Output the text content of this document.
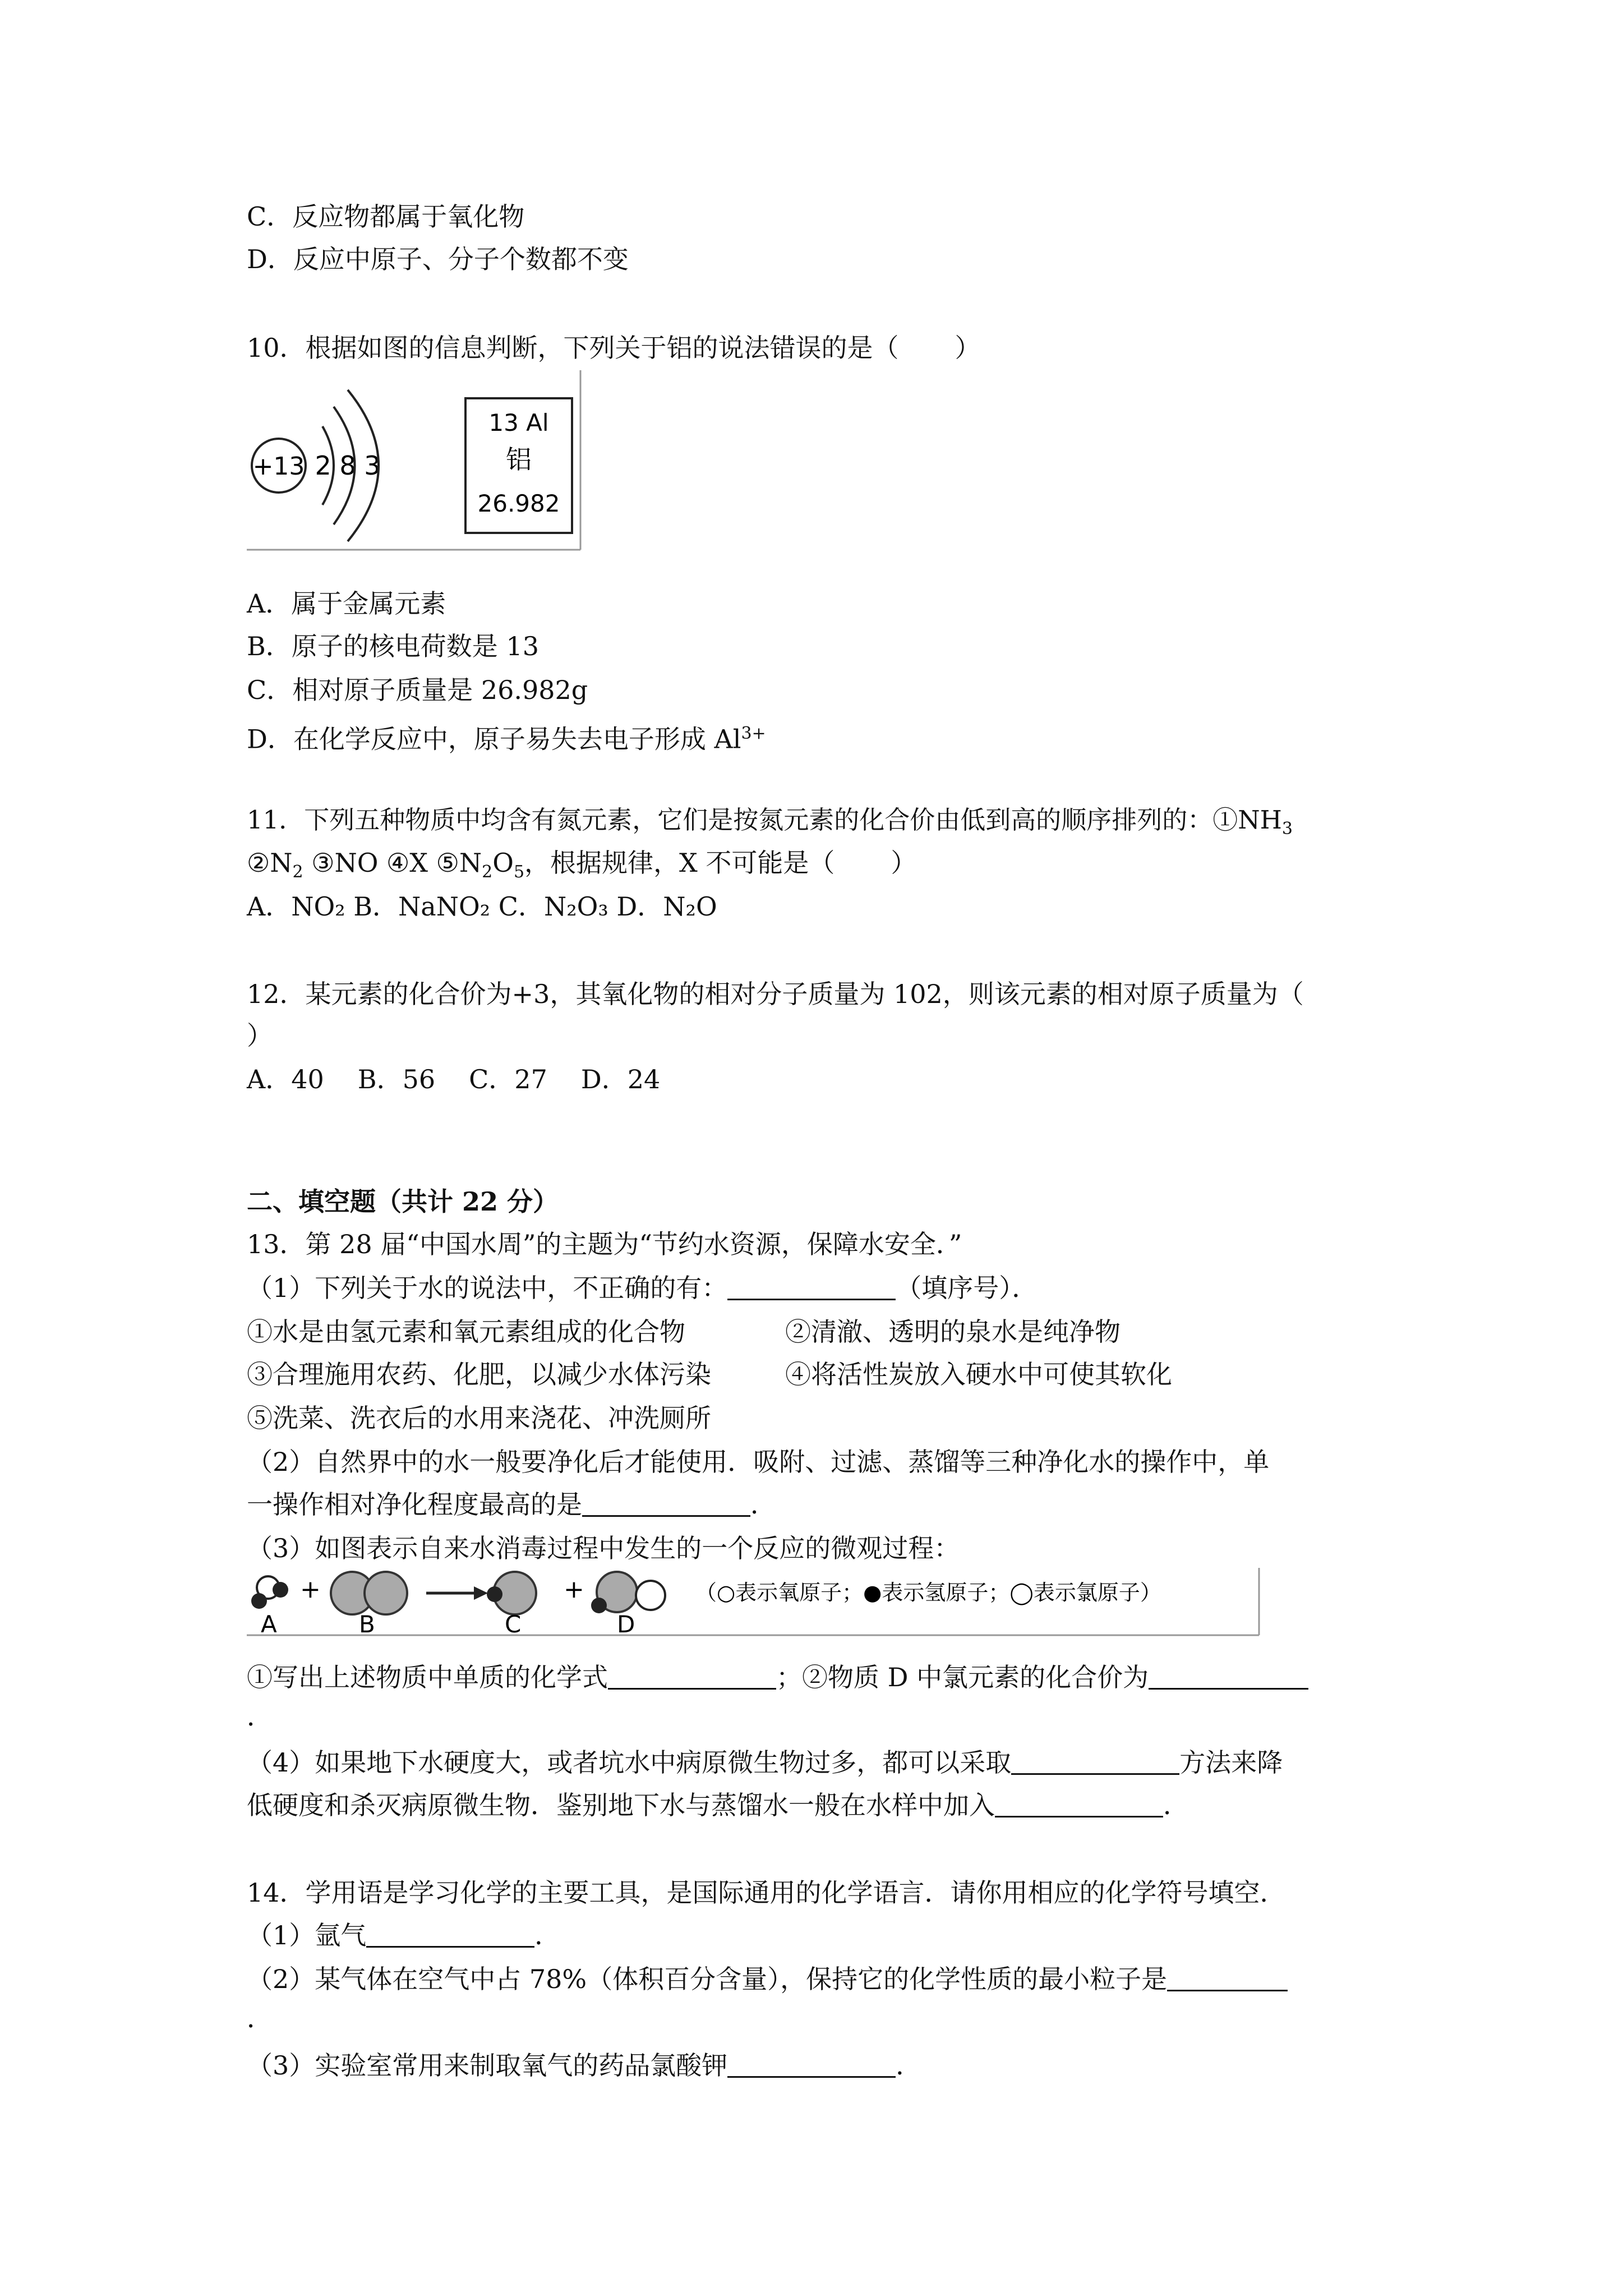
C．反应物都属于氧化物
D．反应中原子、分子个数都不变
10．根据如图的信息判断，下列关于铝的说法错误的是（ ）
+13 2 8 3
13 Al
铝
26.982
A．属于金属元素
B．原子的核电荷数是 13
C．相对原子质量是 26.982g
D．在化学反应中，原子易失去电子形成 $Al^{3+}$
11．下列五种物质中均含有氮元素，它们是按氮元素的化合价由低到高的顺序排列的：$①NH_3$
$②N_2$ ③NO ④X $⑤N_2O_5$，根据规律，X 不可能是（ ）
A．NO₂ B．NaNO₂ C．N₂O₃ D．N₂O
12．某元素的化合价为+3，其氧化物的相对分子质量为 102，则该元素的相对原子质量为（
）
A．40 B．56 C．27 D．24
二、填空题（共计 22 分）
13．第 28 届“中国水周”的主题为“节约水资源，保障水安全．”
（1）下列关于水的说法中，不正确的有：	（填序号）．
①水是由氢元素和氧元素组成的化合物	②清澈、透明的泉水是纯净物
③合理施用农药、化肥，以减少水体污染	④将活性炭放入硬水中可使其软化
⑤洗菜、洗衣后的水用来浇花、冲洗厕所
（2）自然界中的水一般要净化后才能使用．吸附、过滤、蒸馏等三种净化水的操作中，单
一操作相对净化程度最高的是	．
（3）如图表示自来水消毒过程中发生的一个反应的微观过程：
A
+
B	C
+
D
（○表示氧原子；●表示氢原子；◯表示氯原子）
①写出上述物质中单质的化学式	；②物质 D 中氯元素的化合价为
．
（4）如果地下水硬度大，或者坑水中病原微生物过多，都可以采取	方法来降
低硬度和杀灭病原微生物．鉴别地下水与蒸馏水一般在水样中加入	．
14．学用语是学习化学的主要工具，是国际通用的化学语言．请你用相应的化学符号填空．
（1）氩气	．
（2）某气体在空气中占 78%（体积百分含量），保持它的化学性质的最小粒子是
．
（3）实验室常用来制取氧气的药品氯酸钾	．
